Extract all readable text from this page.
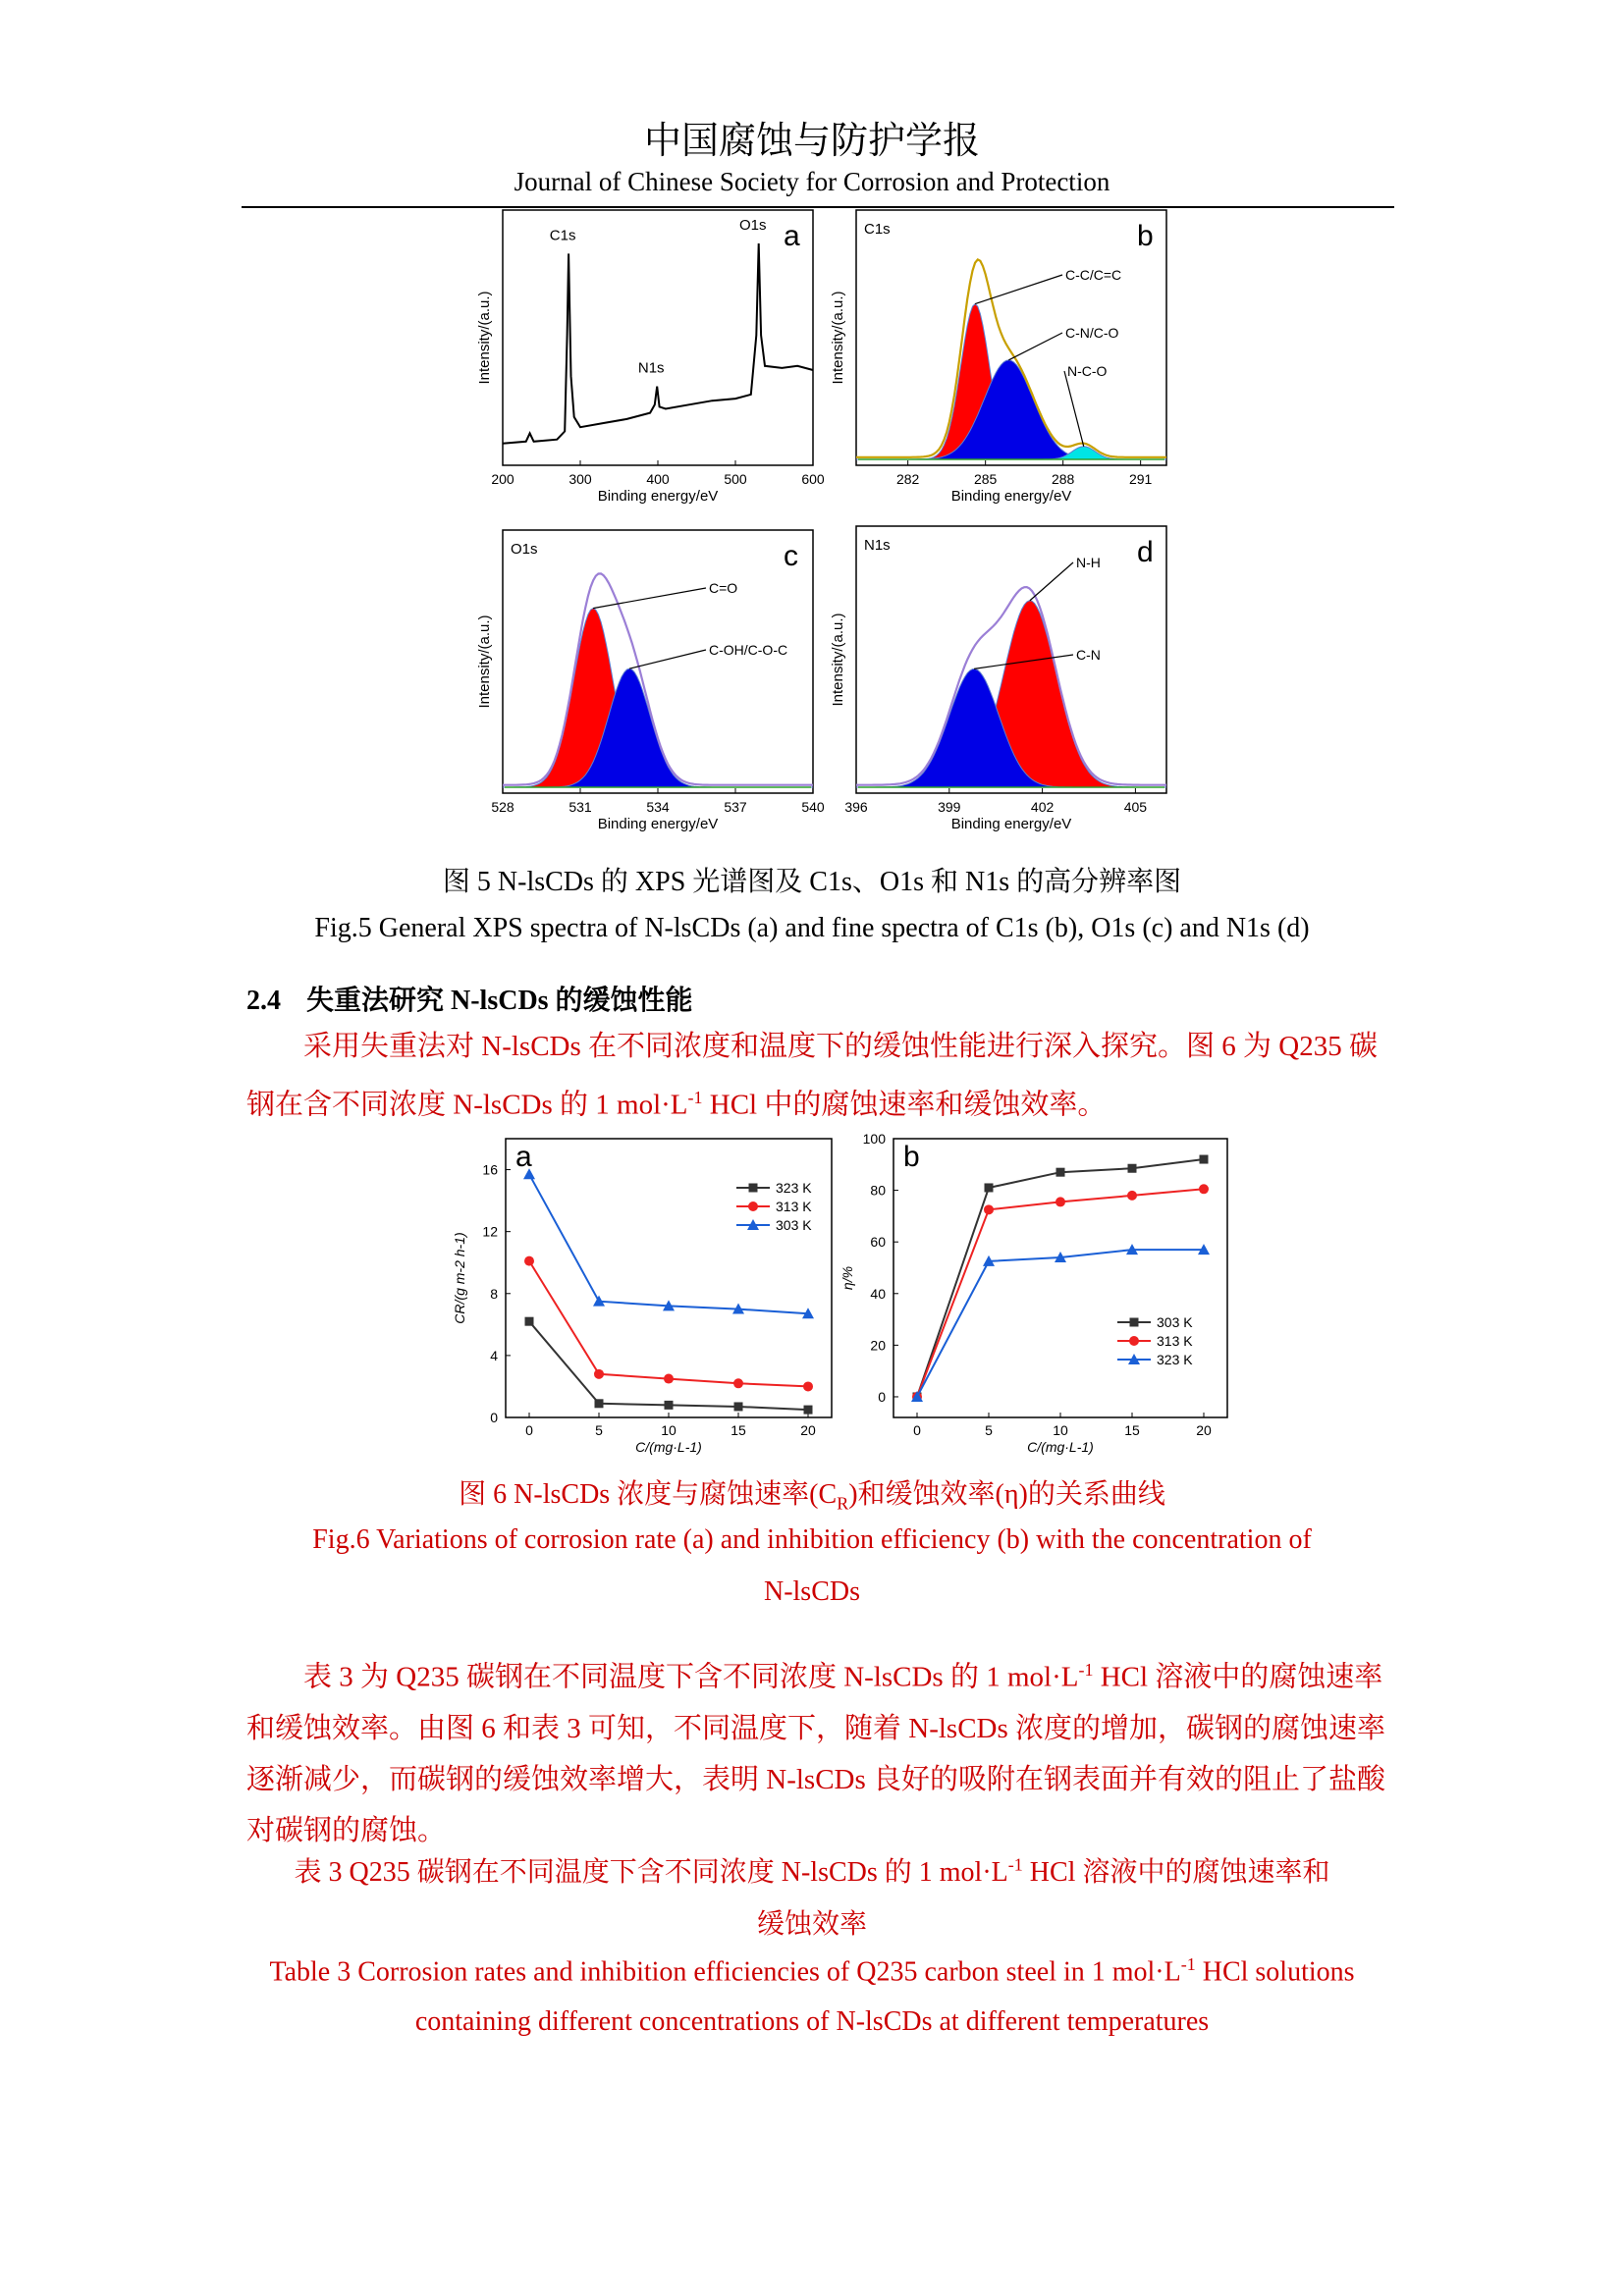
中国腐蚀与防护学报
Journal of Chinese Society for Corrosion and Protection
200	300	400	500	600
Binding energy/eV
Intensity/(a.u.)
a
C1s
N1s
O1s
282	285	288	291
Binding energy/eV
Intensity/(a.u.)
C1s	b
C-C/C=C
C-N/C-O
N-C-O
528	531	534	537	540
Binding energy/eV
Intensity/(a.u.)
O1s	c
C=O
C-OH/C-O-C
396	399	402	405
Binding energy/eV
Intensity/(a.u.)
N1s	d
N-H
C-N
图 5 N-lsCDs 的 XPS 光谱图及 C1s、O1s 和 N1s 的高分辨率图
Fig.5 General XPS spectra of N-lsCDs (a) and fine spectra of C1s (b), O1s (c) and N1s (d)
2.4 失重法研究 N-lsCDs 的缓蚀性能
采用失重法对 N-lsCDs 在不同浓度和温度下的缓蚀性能进行深入探究。图 6 为 Q235 碳
钢在含不同浓度 N-lsCDs 的 1 $mol\cdot L^{-1}$ HCl 中的腐蚀速率和缓蚀效率。
0
4
8
12
16
0	5	10	15	20
C/(mg·L-1)
CR/(g m-2 h-1)
a
323 K
313 K
303 K
0
20
40
60
80
100
0	5	10	15	20
C/(mg·L-1)
η/%
b
303 K
313 K
323 K
图 6 N-lsCDs 浓度与腐蚀速率$(C_R)$和缓蚀效率(η)的关系曲线
Fig.6 Variations of corrosion rate (a) and inhibition efficiency (b) with the concentration of
N-lsCDs
表 3 为 Q235 碳钢在不同温度下含不同浓度 N-lsCDs 的 1 $mol\cdot L^{-1}$ HCl 溶液中的腐蚀速率
和缓蚀效率。由图 6 和表 3 可知，不同温度下，随着 N-lsCDs 浓度的增加，碳钢的腐蚀速率
逐渐减少，而碳钢的缓蚀效率增大，表明 N-lsCDs 良好的吸附在钢表面并有效的阻止了盐酸
对碳钢的腐蚀。
表 3 Q235 碳钢在不同温度下含不同浓度 N-lsCDs 的 1 $mol\cdot L^{-1}$ HCl 溶液中的腐蚀速率和
缓蚀效率
Table 3 Corrosion rates and inhibition efficiencies of Q235 carbon steel in 1 $mol\cdot L^{-1}$ HCl solutions
containing different concentrations of N-lsCDs at different temperatures
